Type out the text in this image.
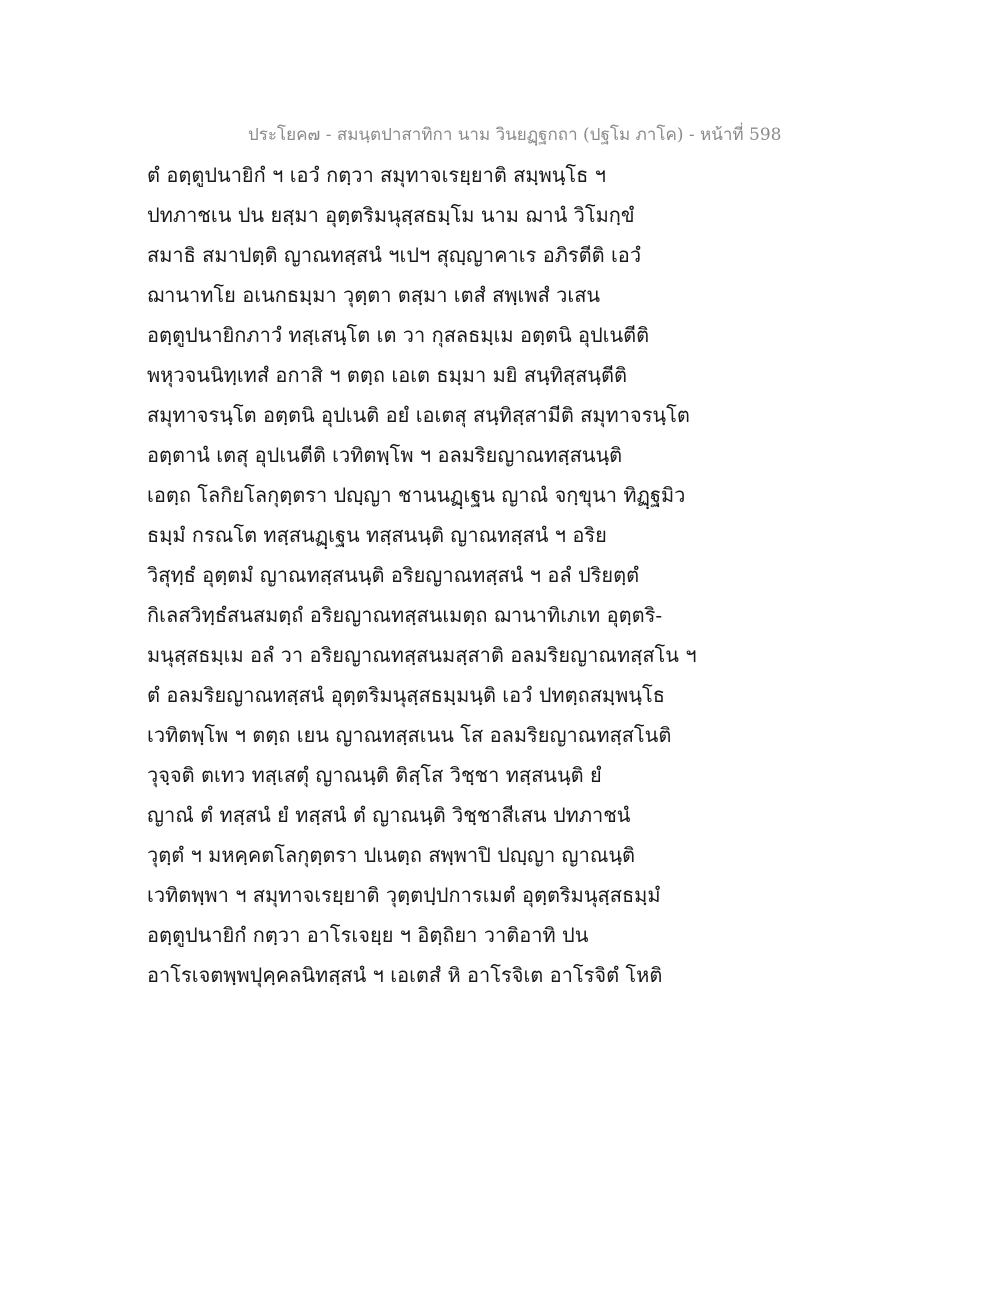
ประโยค๗ - สมนฺตปาสาทิกา นาม วินยฏฺฐกถา (ปฐโม ภาโค) - หน้าที่ 598
ตํ อตฺตูปนายิกํ ฯ เอวํ กตฺวา สมุทาจเรยฺยาติ สมฺพนฺโธ ฯ
ปทภาชเน ปน ยสฺมา อุตฺตริมนุสฺสธมฺโม นาม ฌานํ วิโมกฺขํ
สมาธิ สมาปตฺติ ญาณทสฺสนํ ฯเปฯ สุญฺญาคาเร อภิรตีติ เอวํ
ฌานาทโย อเนกธมฺมา วุตฺตา ตสฺมา เตสํ สพฺเพสํ วเสน
อตฺตูปนายิกภาวํ ทสฺเสนฺโต เต วา กุสลธมฺเม อตฺตนิ อุปเนตีติ
พหุวจนนิทฺเทสํ อกาสิ ฯ ตตฺถ เอเต ธมฺมา มยิ สนฺทิสฺสนฺตีติ
สมุทาจรนฺโต อตฺตนิ อุปเนติ อยํ เอเตสุ สนฺทิสฺสามีติ สมุทาจรนฺโต
อตฺตานํ เตสุ อุปเนตีติ เวทิตพฺโพ ฯ อลมริยญาณทสฺสนนฺติ
เอตฺถ โลกิยโลกุตฺตรา ปญฺญา ชานนฏฺเฐน ญาณํ จกฺขุนา ทิฏฺฐมิว
ธมฺมํ กรณโต ทสฺสนฏฺเฐน ทสฺสนนฺติ ญาณทสฺสนํ ฯ อริย
วิสุทฺธํ อุตฺตมํ ญาณทสฺสนนฺติ อริยญาณทสฺสนํ ฯ อลํ ปริยตฺตํ
กิเลสวิทฺธํสนสมตฺถํ อริยญาณทสฺสนเมตฺถ ฌานาทิเภเท อุตฺตริ-
มนุสฺสธมฺเม อลํ วา อริยญาณทสฺสนมสฺสาติ อลมริยญาณทสฺสโน ฯ
ตํ อลมริยญาณทสฺสนํ อุตฺตริมนุสฺสธมฺมนฺติ เอวํ ปทตฺถสมฺพนฺโธ
เวทิตพฺโพ ฯ ตตฺถ เยน ญาณทสฺสเนน โส อลมริยญาณทสฺสโนติ
วุจฺจติ ตเทว ทสฺเสตุํ ญาณนฺติ ติสฺโส วิชฺชา ทสฺสนนฺติ ยํ
ญาณํ ตํ ทสฺสนํ ยํ ทสฺสนํ ตํ ญาณนฺติ วิชฺชาสีเสน ปทภาชนํ
วุตฺตํ ฯ มหคฺคตโลกุตฺตรา ปเนตฺถ สพฺพาปิ ปญฺญา ญาณนฺติ
เวทิตพฺพา ฯ สมุทาจเรยฺยาติ วุตฺตปฺปการเมตํ อุตฺตริมนุสฺสธมฺมํ
อตฺตูปนายิกํ กตฺวา อาโรเจยฺย ฯ อิตฺถิยา วาติอาทิ ปน
อาโรเจตพฺพปุคฺคลนิทสฺสนํ ฯ เอเตสํ หิ อาโรจิเต อาโรจิตํ โหติ
